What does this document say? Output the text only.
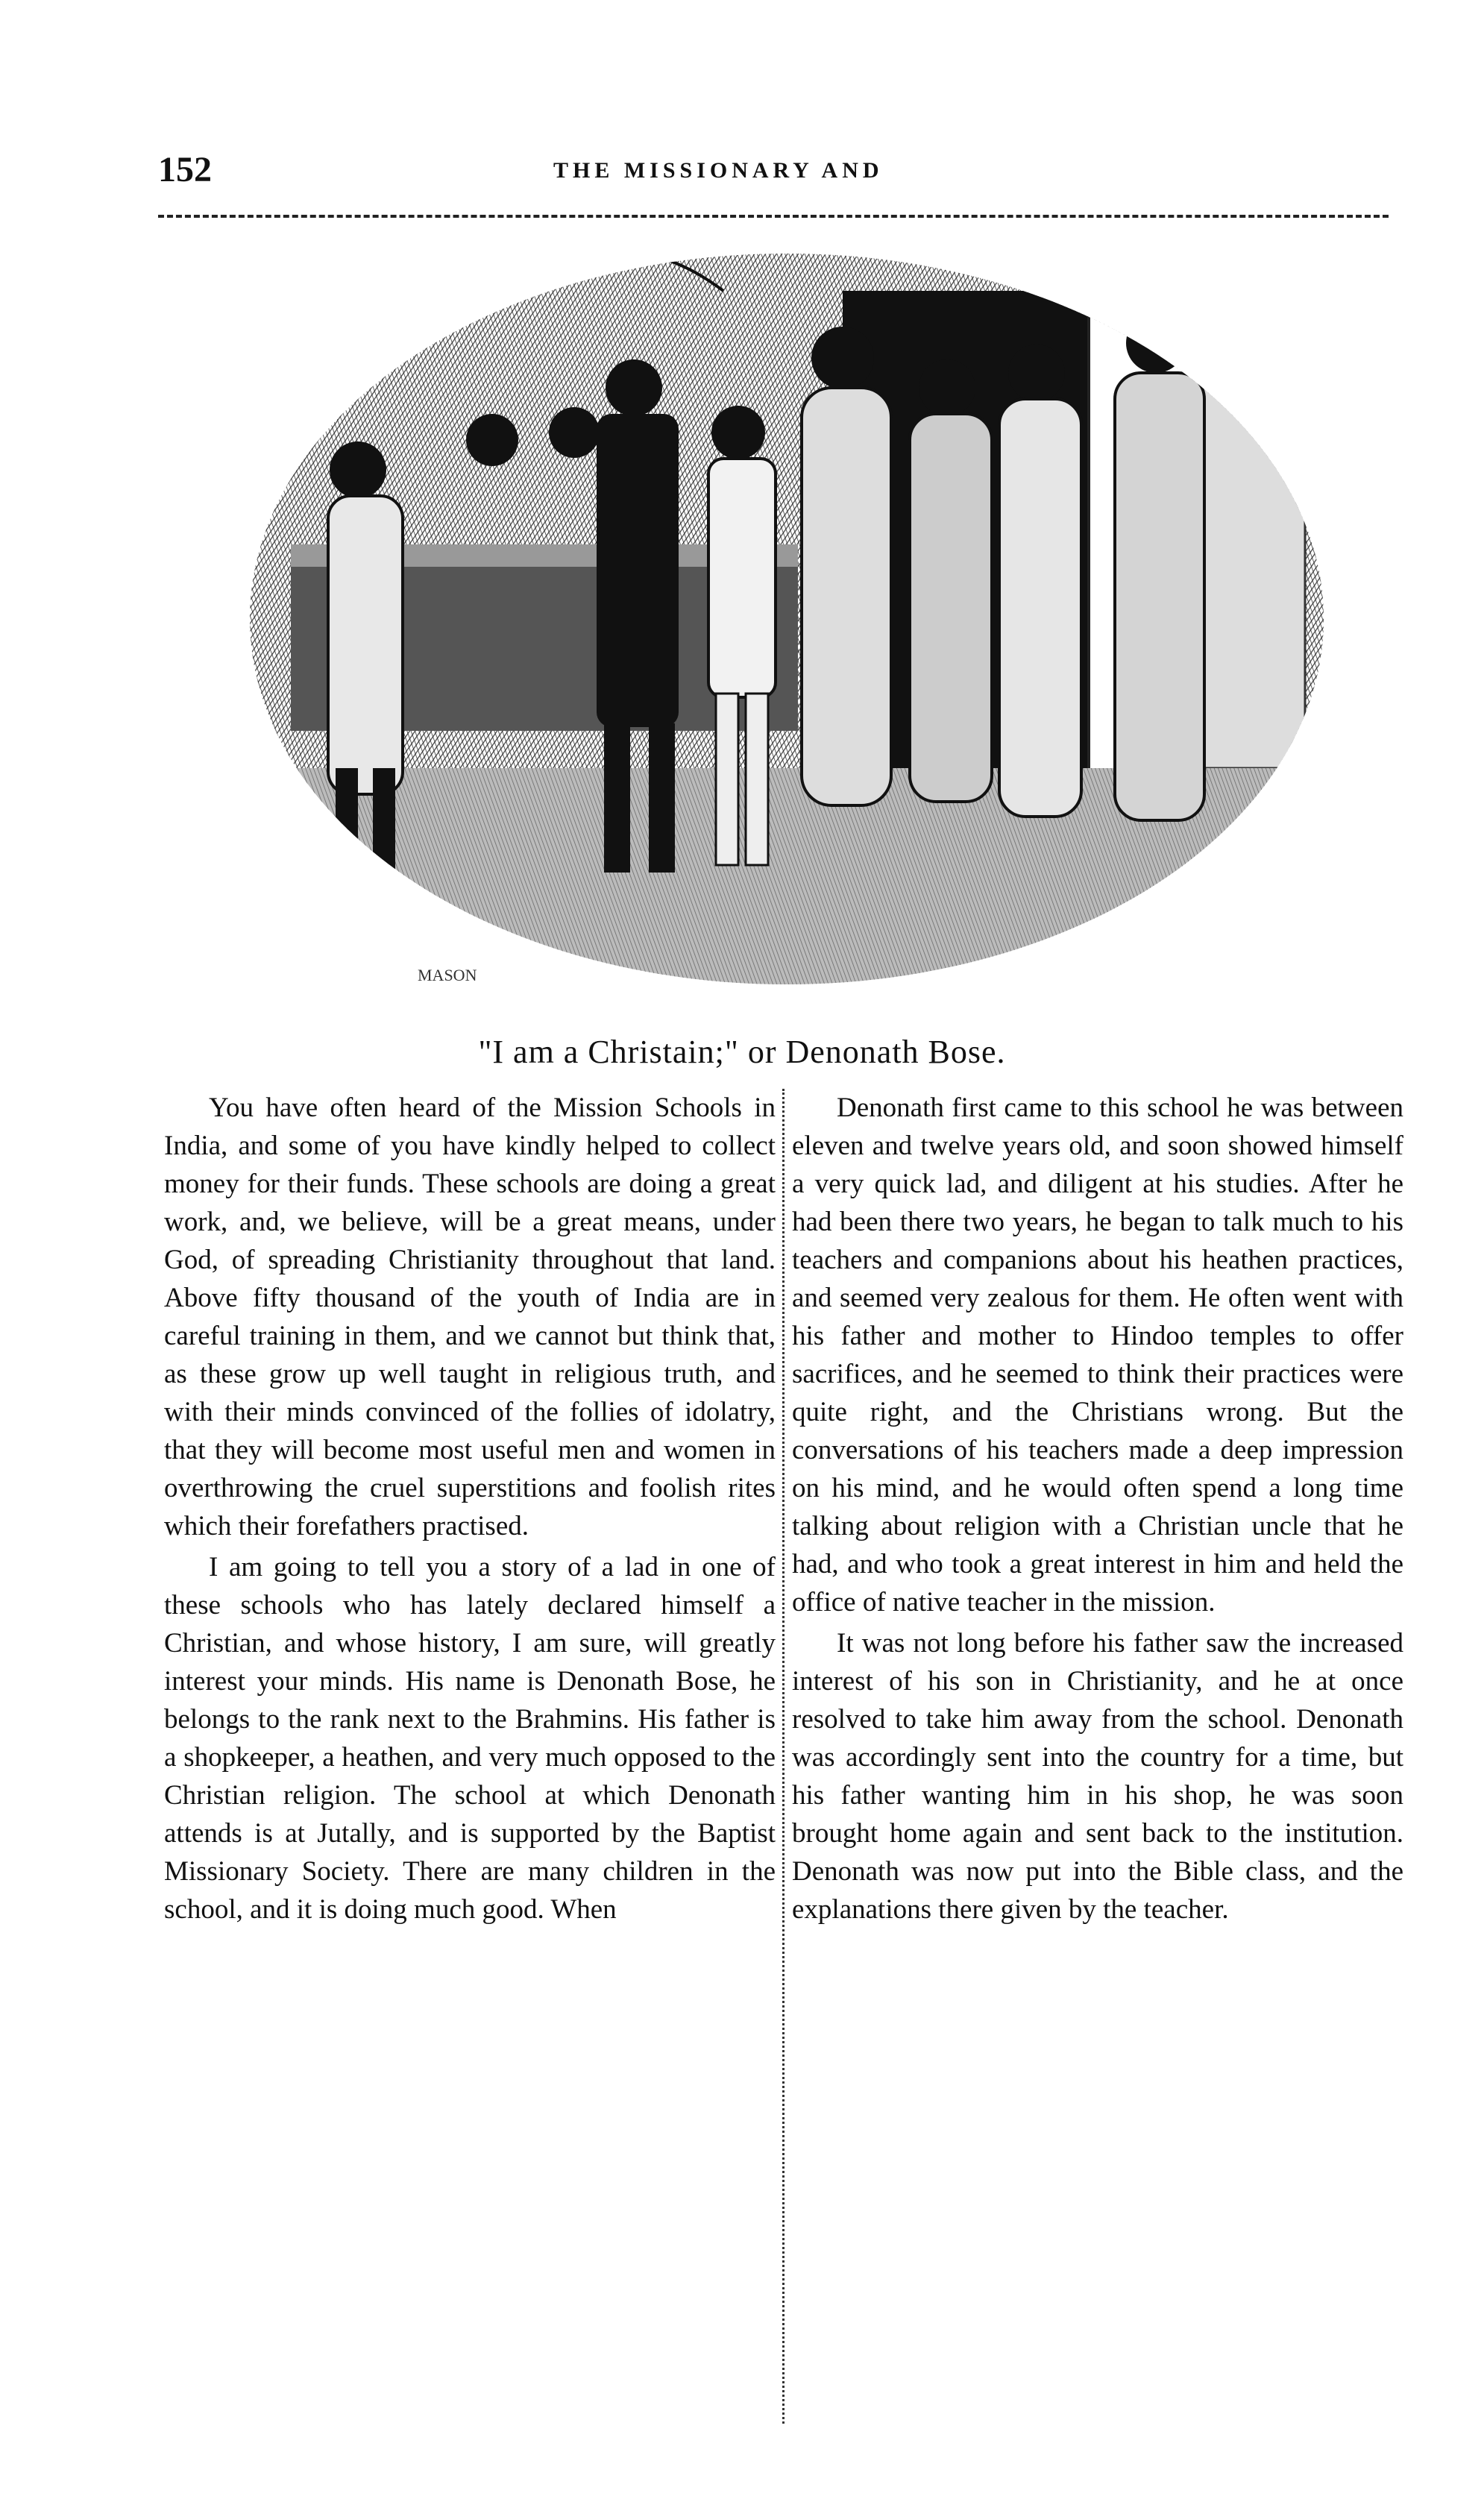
152	THE MISSIONARY AND
MASON
"I am a Christain;" or Denonath Bose.

You have often heard of the Mission Schools in India, and some of you have kindly helped to collect money for their funds. These schools are doing a great work, and, we believe, will be a great means, under God, of spreading Christianity throughout that land. Above fifty thousand of the youth of India are in careful training in them, and we cannot but think that, as these grow up well taught in religious truth, and with their minds convinced of the follies of idolatry, that they will become most useful men and women in overthrowing the cruel superstitions and foolish rites which their forefathers practised.

I am going to tell you a story of a lad in one of these schools who has lately declared himself a Christian, and whose history, I am sure, will greatly interest your minds. His name is Denonath Bose, he belongs to the rank next to the Brahmins. His father is a shopkeeper, a heathen, and very much opposed to the Christian religion. The school at which Denonath attends is at Jutally, and is supported by the Baptist Missionary Society. There are many children in the school, and it is doing much good. When

Denonath first came to this school he was between eleven and twelve years old, and soon showed himself a very quick lad, and diligent at his studies. After he had been there two years, he began to talk much to his teachers and companions about his heathen practices, and seemed very zealous for them. He often went with his father and mother to Hindoo temples to offer sacrifices, and he seemed to think their practices were quite right, and the Christians wrong. But the conversations of his teachers made a deep impression on his mind, and he would often spend a long time talking about religion with a Christian uncle that he had, and who took a great interest in him and held the office of native teacher in the mission.

It was not long before his father saw the increased interest of his son in Christianity, and he at once resolved to take him away from the school. Denonath was accordingly sent into the country for a time, but his father wanting him in his shop, he was soon brought home again and sent back to the institution. Denonath was now put into the Bible class, and the explanations there given by the teacher.
